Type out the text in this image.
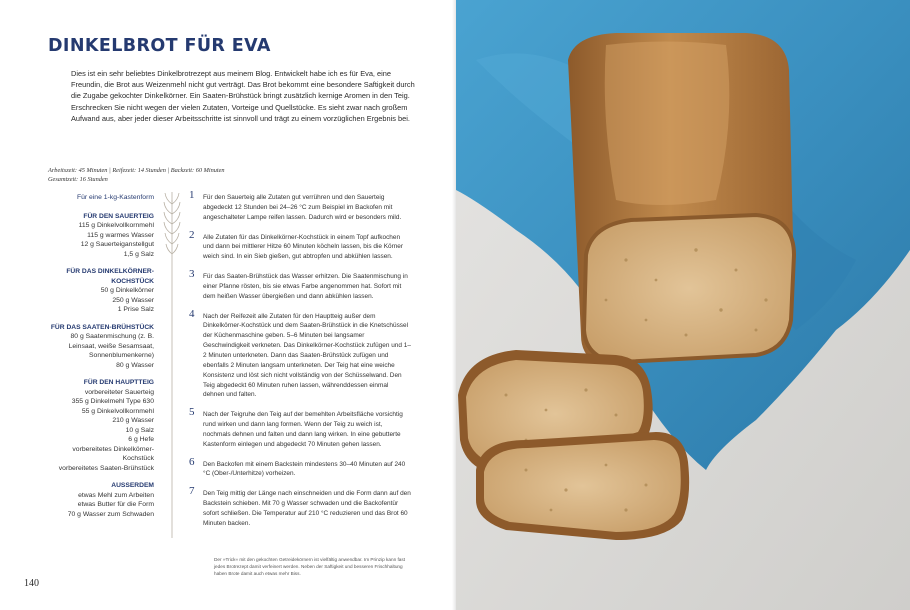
DINKELBROT FÜR EVA

Dies ist ein sehr beliebtes Dinkelbrotrezept aus meinem Blog. Entwickelt habe ich es für Eva, eine Freundin, die Brot aus Weizenmehl nicht gut verträgt. Das Brot bekommt eine besondere Saftigkeit durch die Zugabe gekochter Dinkelkörner. Ein Saaten-Brühstück bringt zusätzlich kernige Aromen in den Teig. Erschrecken Sie nicht wegen der vielen Zutaten, Vorteige und Quellstücke. Es sieht zwar nach großem Aufwand aus, aber jeder dieser Arbeitsschritte ist sinnvoll und trägt zu einem vorzüglichen Ergebnis bei.

Arbeitszeit: 45 Minuten | Reifezeit: 14 Stunden | Backzeit: 60 Minuten
Gesamtzeit: 16 Stunden
Für eine 1-kg-Kastenform
FÜR DEN SAUERTEIG
115 g Dinkelvollkornmehl
115 g warmes Wasser
12 g Sauerteiganstellgut
1,5 g Salz
FÜR DAS DINKELKÖRNER-KOCHSTÜCK
50 g Dinkelkörner
250 g Wasser
1 Prise Salz
FÜR DAS SAATEN-BRÜHSTÜCK
80 g Saatenmischung (z. B. Leinsaat, weiße Sesamsaat, Sonnenblumenkerne)
80 g Wasser
FÜR DEN HAUPTTEIG
vorbereiteter Sauerteig
355 g Dinkelmehl Type 630
55 g Dinkelvollkornmehl
210 g Wasser
10 g Salz
6 g Hefe
vorbereitetes Dinkelkörner-Kochstück
vorbereitetes Saaten-Brühstück
AUSSERDEM
etwas Mehl zum Arbeiten
etwas Butter für die Form
70 g Wasser zum Schwaden
1 Für den Sauerteig alle Zutaten gut verrühren und den Sauerteig abgedeckt 12 Stunden bei 24–26 °C zum Beispiel im Backofen mit angeschalteter Lampe reifen lassen. Dadurch wird er besonders mild.
2 Alle Zutaten für das Dinkelkörner-Kochstück in einem Topf aufkochen und dann bei mittlerer Hitze 60 Minuten köcheln lassen, bis die Körner weich sind. In ein Sieb gießen, gut abtropfen und abkühlen lassen.
3 Für das Saaten-Brühstück das Wasser erhitzen. Die Saatenmischung in einer Pfanne rösten, bis sie etwas Farbe angenommen hat. Sofort mit dem heißen Wasser übergießen und dann abkühlen lassen.
4 Nach der Reifezeit alle Zutaten für den Hauptteig außer dem Dinkelkörner-Kochstück und dem Saaten-Brühstück in die Knetschüssel der Küchenmaschine geben. 5–6 Minuten bei langsamer Geschwindigkeit verkneten. Das Dinkelkörner-Kochstück zufügen und 1–2 Minuten unterkneten. Dann das Saaten-Brühstück zufügen und ebenfalls 2 Minuten langsam unterkneten. Der Teig hat eine weiche Konsistenz und löst sich nicht vollständig von der Schüsselwand. Den Teig abgedeckt 60 Minuten ruhen lassen, währenddessen einmal dehnen und falten.
5 Nach der Teigruhe den Teig auf der bemehlten Arbeitsfläche vorsichtig rund wirken und dann lang formen. Wenn der Teig zu weich ist, nochmals dehnen und falten und dann lang wirken. In eine gebutterte Kastenform einlegen und abgedeckt 70 Minuten gehen lassen.
6 Den Backofen mit einem Backstein mindestens 30–40 Minuten auf 240 °C (Ober-/Unterhitze) vorheizen.
7 Den Teig mittig der Länge nach einschneiden und die Form dann auf den Backstein schieben. Mit 70 g Wasser schwaden und die Backofentür sofort schließen. Die Temperatur auf 210 °C reduzieren und das Brot 60 Minuten backen.

Der »Trick« mit den gekochten Getreidekörnern ist vielfältig anwendbar. Im Prinzip kann fast jedes Brotrezept damit verfeinert werden. Neben der Saftigkeit und besseren Frischhaltung haben Brote damit auch etwas mehr Biss.

140
